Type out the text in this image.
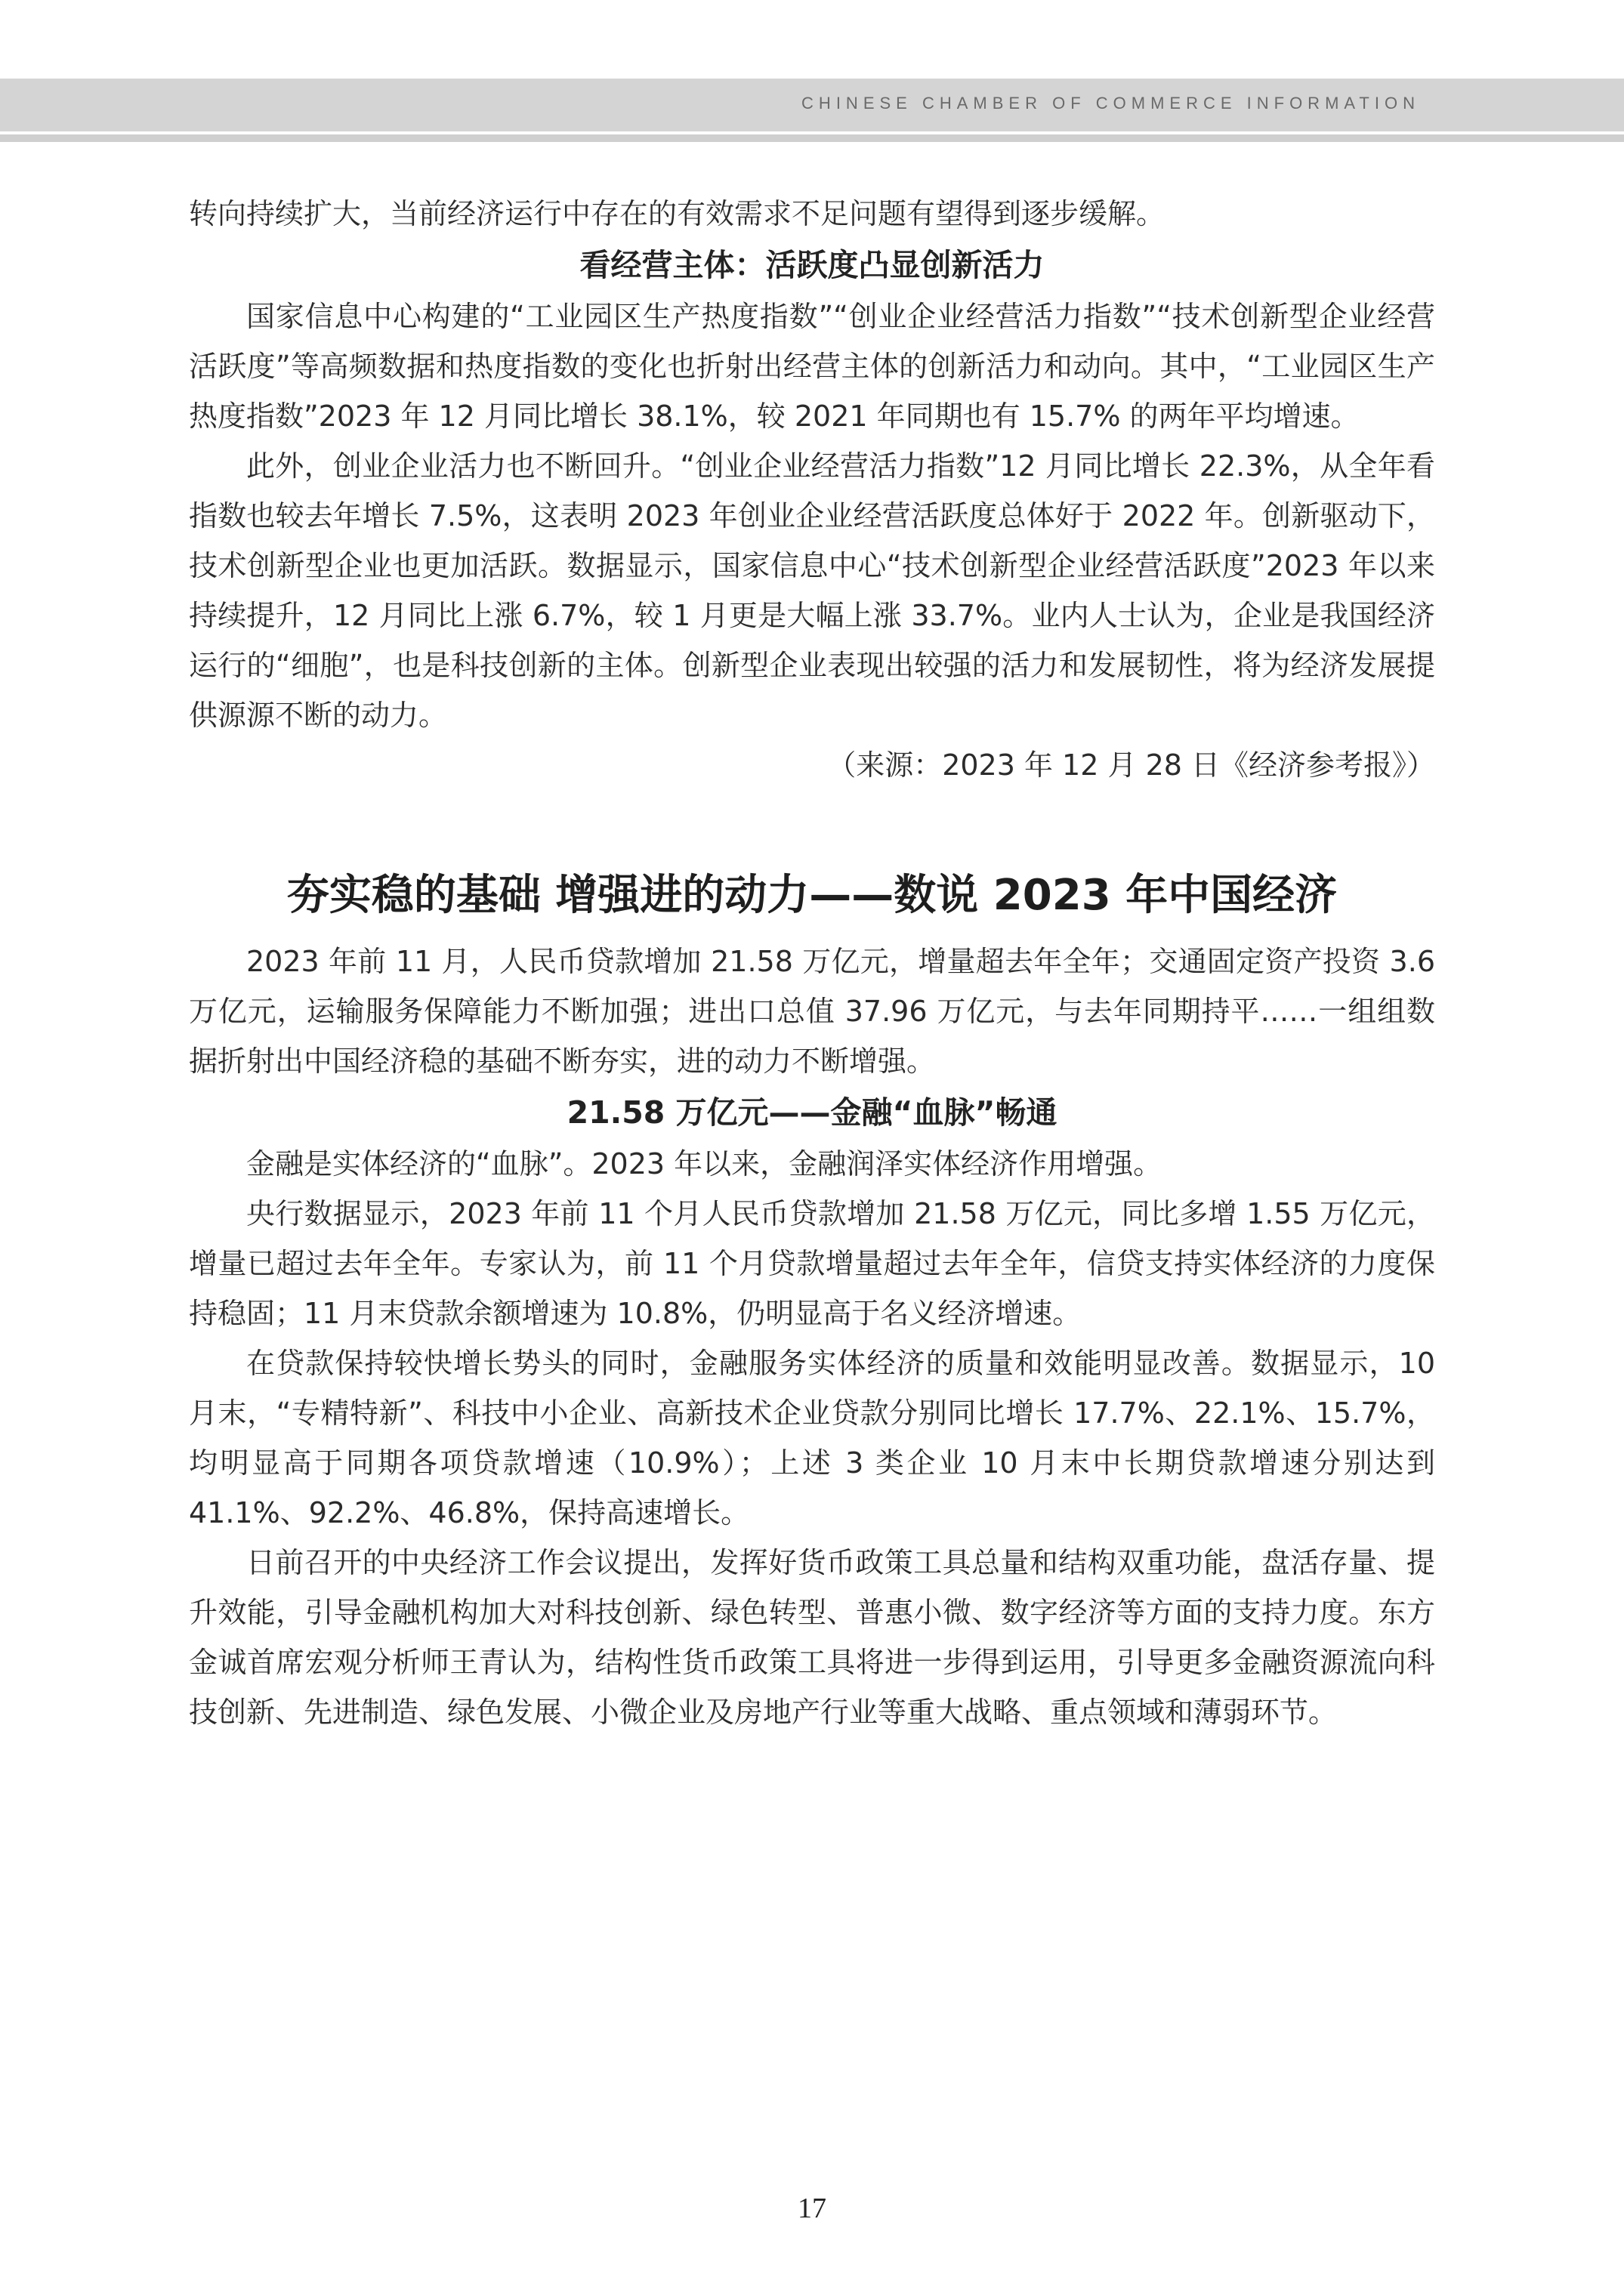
CHINESE CHAMBER OF COMMERCE INFORMATION

转向持续扩大，当前经济运行中存在的有效需求不足问题有望得到逐步缓解。

看经营主体：活跃度凸显创新活力

国家信息中心构建的“工业园区生产热度指数”“创业企业经营活力指数”“技术创新型企业经营活跃度”等高频数据和热度指数的变化也折射出经营主体的创新活力和动向。其中，“工业园区生产热度指数”2023 年 12 月同比增长 38.1%，较 2021 年同期也有 15.7% 的两年平均增速。

此外，创业企业活力也不断回升。“创业企业经营活力指数”12 月同比增长 22.3%，从全年看指数也较去年增长 7.5%，这表明 2023 年创业企业经营活跃度总体好于 2022 年。创新驱动下，技术创新型企业也更加活跃。数据显示，国家信息中心“技术创新型企业经营活跃度”2023 年以来持续提升，12 月同比上涨 6.7%，较 1 月更是大幅上涨 33.7%。业内人士认为，企业是我国经济运行的“细胞”，也是科技创新的主体。创新型企业表现出较强的活力和发展韧性，将为经济发展提供源源不断的动力。

（来源：2023 年 12 月 28 日《经济参考报》）

夯实稳的基础 增强进的动力——数说 2023 年中国经济

2023 年前 11 月，人民币贷款增加 21.58 万亿元，增量超去年全年；交通固定资产投资 3.6 万亿元，运输服务保障能力不断加强；进出口总值 37.96 万亿元，与去年同期持平……一组组数据折射出中国经济稳的基础不断夯实，进的动力不断增强。

21.58 万亿元——金融“血脉”畅通

金融是实体经济的“血脉”。2023 年以来，金融润泽实体经济作用增强。

央行数据显示，2023 年前 11 个月人民币贷款增加 21.58 万亿元，同比多增 1.55 万亿元，增量已超过去年全年。专家认为，前 11 个月贷款增量超过去年全年，信贷支持实体经济的力度保持稳固；11 月末贷款余额增速为 10.8%，仍明显高于名义经济增速。

在贷款保持较快增长势头的同时，金融服务实体经济的质量和效能明显改善。数据显示，10 月末，“专精特新”、科技中小企业、高新技术企业贷款分别同比增长 17.7%、22.1%、15.7%，均明显高于同期各项贷款增速（10.9%）；上述 3 类企业 10 月末中长期贷款增速分别达到 41.1%、92.2%、46.8%，保持高速增长。

日前召开的中央经济工作会议提出，发挥好货币政策工具总量和结构双重功能，盘活存量、提升效能，引导金融机构加大对科技创新、绿色转型、普惠小微、数字经济等方面的支持力度。东方金诚首席宏观分析师王青认为，结构性货币政策工具将进一步得到运用，引导更多金融资源流向科技创新、先进制造、绿色发展、小微企业及房地产行业等重大战略、重点领域和薄弱环节。

17
